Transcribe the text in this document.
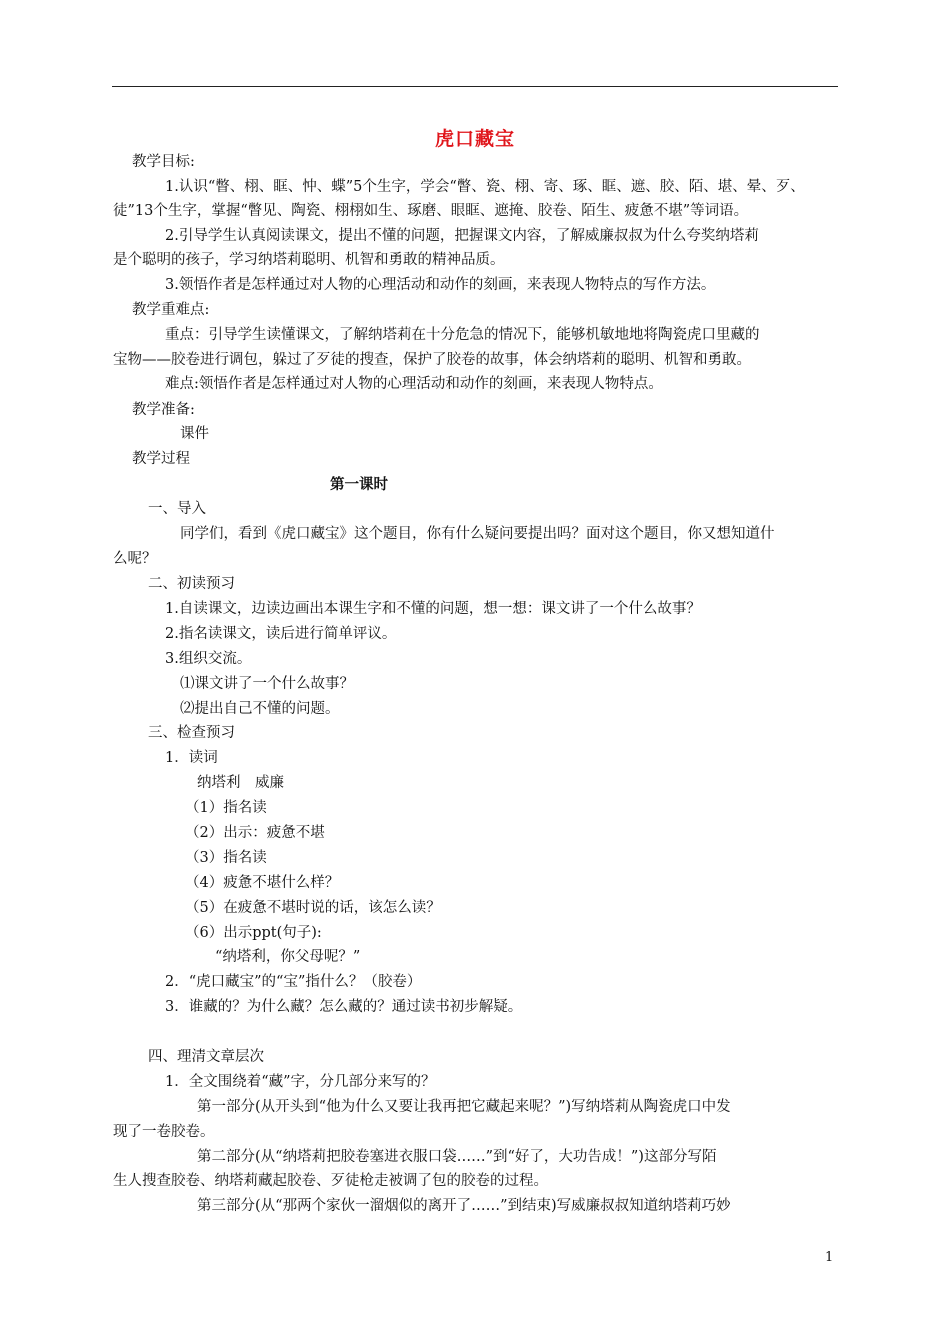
虎口藏宝
教学目标:
1.认识“瞥、栩、眶、忡、蝶”5个生字，学会“瞥、瓷、栩、寄、琢、眶、遮、胶、陌、堪、晕、歹、
徒”13个生字，掌握“瞥见、陶瓷、栩栩如生、琢磨、眼眶、遮掩、胶卷、陌生、疲惫不堪”等词语。
2.引导学生认真阅读课文，提出不懂的问题，把握课文内容，了解威廉叔叔为什么夸奖纳塔莉
是个聪明的孩子，学习纳塔莉聪明、机智和勇敢的精神品质。
3.领悟作者是怎样通过对人物的心理活动和动作的刻画，来表现人物特点的写作方法。
教学重难点:
重点：引导学生读懂课文，了解纳塔莉在十分危急的情况下，能够机敏地地将陶瓷虎口里藏的
宝物——胶卷进行调包，躲过了歹徒的搜查，保护了胶卷的故事，体会纳塔莉的聪明、机智和勇敢。
难点:领悟作者是怎样通过对人物的心理活动和动作的刻画，来表现人物特点。
教学准备:
课件
教学过程
第一课时
一、导入
同学们，看到《虎口藏宝》这个题目，你有什么疑问要提出吗？面对这个题目，你又想知道什
么呢？
二、初读预习
1.自读课文，边读边画出本课生字和不懂的问题，想一想：课文讲了一个什么故事？
2.指名读课文，读后进行简单评议。
3.组织交流。
⑴课文讲了一个什么故事？
⑵提出自己不懂的问题。
三、检查预习
1．读词
纳塔利　威廉
（1）指名读
（2）出示：疲惫不堪
（3）指名读
（4）疲惫不堪什么样？
（5）在疲惫不堪时说的话，该怎么读？
（6）出示ppt(句子):
“纳塔利，你父母呢？”
2．“虎口藏宝”的“宝”指什么？（胶卷）
3．谁藏的？为什么藏？怎么藏的？通过读书初步解疑。
四、理清文章层次
1．全文围绕着“藏”字，分几部分来写的？
第一部分(从开头到“他为什么又要让我再把它藏起来呢？”)写纳塔莉从陶瓷虎口中发
现了一卷胶卷。
第二部分(从“纳塔莉把胶卷塞进衣服口袋……”到“好了，大功告成！”)这部分写陌
生人搜查胶卷、纳塔莉藏起胶卷、歹徒枪走被调了包的胶卷的过程。
第三部分(从“那两个家伙一溜烟似的离开了……”到结束)写威廉叔叔知道纳塔莉巧妙
1
